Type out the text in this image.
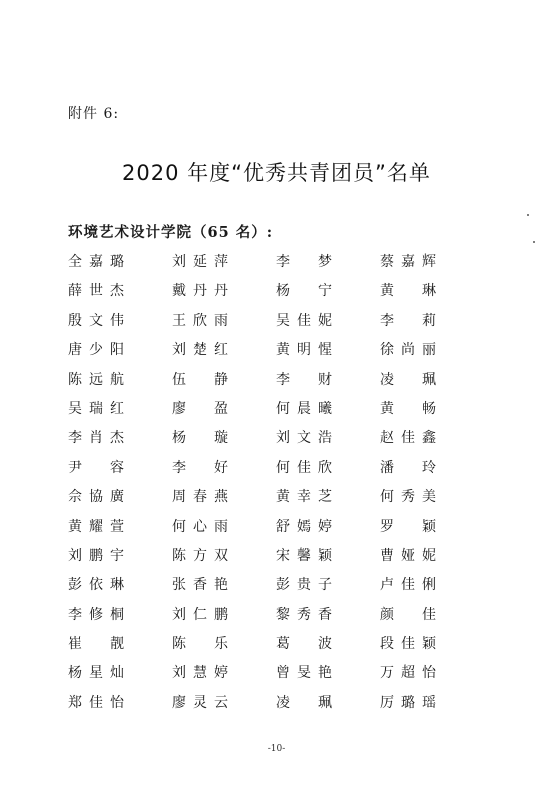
附件 6:
2020 年度“优秀共青团员”名单
环境艺术设计学院（65 名）:
全嘉璐	刘延萍	李 梦	蔡嘉辉
薛世杰	戴丹丹	杨 宁	黄 琳
殷文伟	王欣雨	吴佳妮	李 莉
唐少阳	刘楚红	黄明惺	徐尚丽
陈远航	伍 静	李 财	凌 珮
吴瑞红	廖 盈	何晨曦	黄 畅
李肖杰	杨 璇	刘文浩	赵佳鑫
尹 容	李 好	何佳欣	潘 玲
佘協廣	周春燕	黄幸芝	何秀美
黄耀萱	何心雨	舒嫣婷	罗 颖
刘鹏宇	陈方双	宋馨颖	曹娅妮
彭依琳	张香艳	彭贵子	卢佳俐
李修桐	刘仁鹏	黎秀香	颜 佳
崔 靓	陈 乐	葛 波	段佳颖
杨星灿	刘慧婷	曾旻艳	万超怡
郑佳怡	廖灵云	凌 珮	厉璐瑶
-10-
